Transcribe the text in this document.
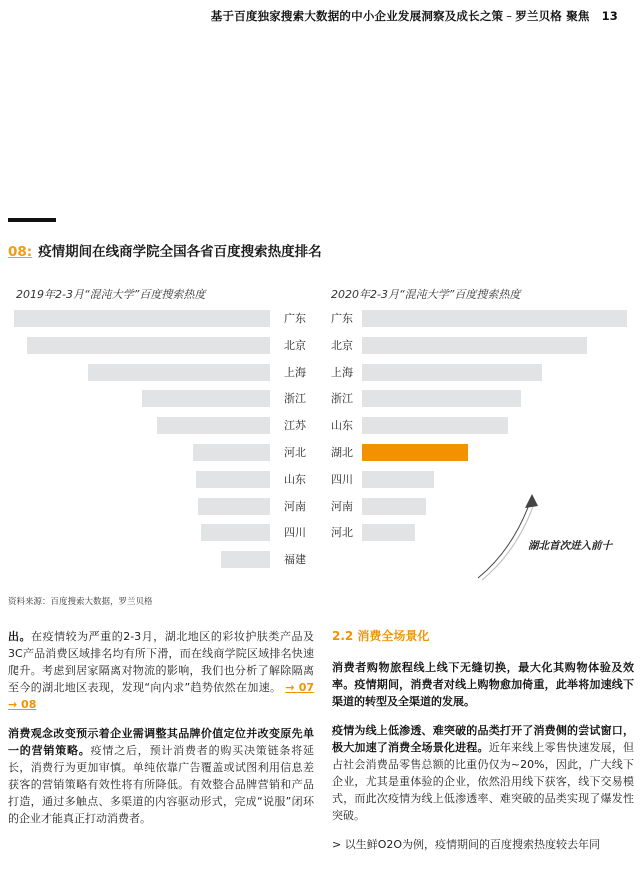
基于百度独家搜索大数据的中小企业发展洞察及成长之策 – 罗兰贝格 聚焦 13
08: 疫情期间在线商学院全国各省百度搜索热度排名
2019年2-3月“混沌大学”百度搜索热度	2020年2-3月“混沌大学”百度搜索热度
广东
北京
上海
浙江
江苏
河北
山东
河南
四川
福建
广东
北京
上海
浙江
山东
湖北
四川
河南
河北
湖北首次进入前十
资料来源：百度搜索大数据，罗兰贝格

出。在疫情较为严重的2-3月，湖北地区的彩妆护肤类产品及3C产品消费区域排名均有所下滑，而在线商学院区域排名快速爬升。考虑到居家隔离对物流的影响，我们也分析了解除隔离至今的湖北地区表现，发现“向内求”趋势依然在加速。 → 07 → 08

消费观念改变预示着企业需调整其品牌价值定位并改变原先单一的营销策略。疫情之后，预计消费者的购买决策链条将延长，消费行为更加审慎。单纯依靠广告覆盖或试图利用信息差获客的营销策略有效性将有所降低。有效整合品牌营销和产品打造，通过多触点、多渠道的内容驱动形式，完成“说服”闭环的企业才能真正打动消费者。

2.2 消费全场景化

消费者购物旅程线上线下无缝切换，最大化其购物体验及效率。疫情期间，消费者对线上购物愈加倚重，此举将加速线下渠道的转型及全渠道的发展。

疫情为线上低渗透、难突破的品类打开了消费侧的尝试窗口，极大加速了消费全场景化进程。近年来线上零售快速发展，但占社会消费品零售总额的比重仍仅为~20%，因此，广大线下企业，尤其是重体验的企业，依然沿用线下获客，线下交易模式，而此次疫情为线上低渗透率、难突破的品类实现了爆发性突破。

> 以生鲜O2O为例，疫情期间的百度搜索热度较去年同
